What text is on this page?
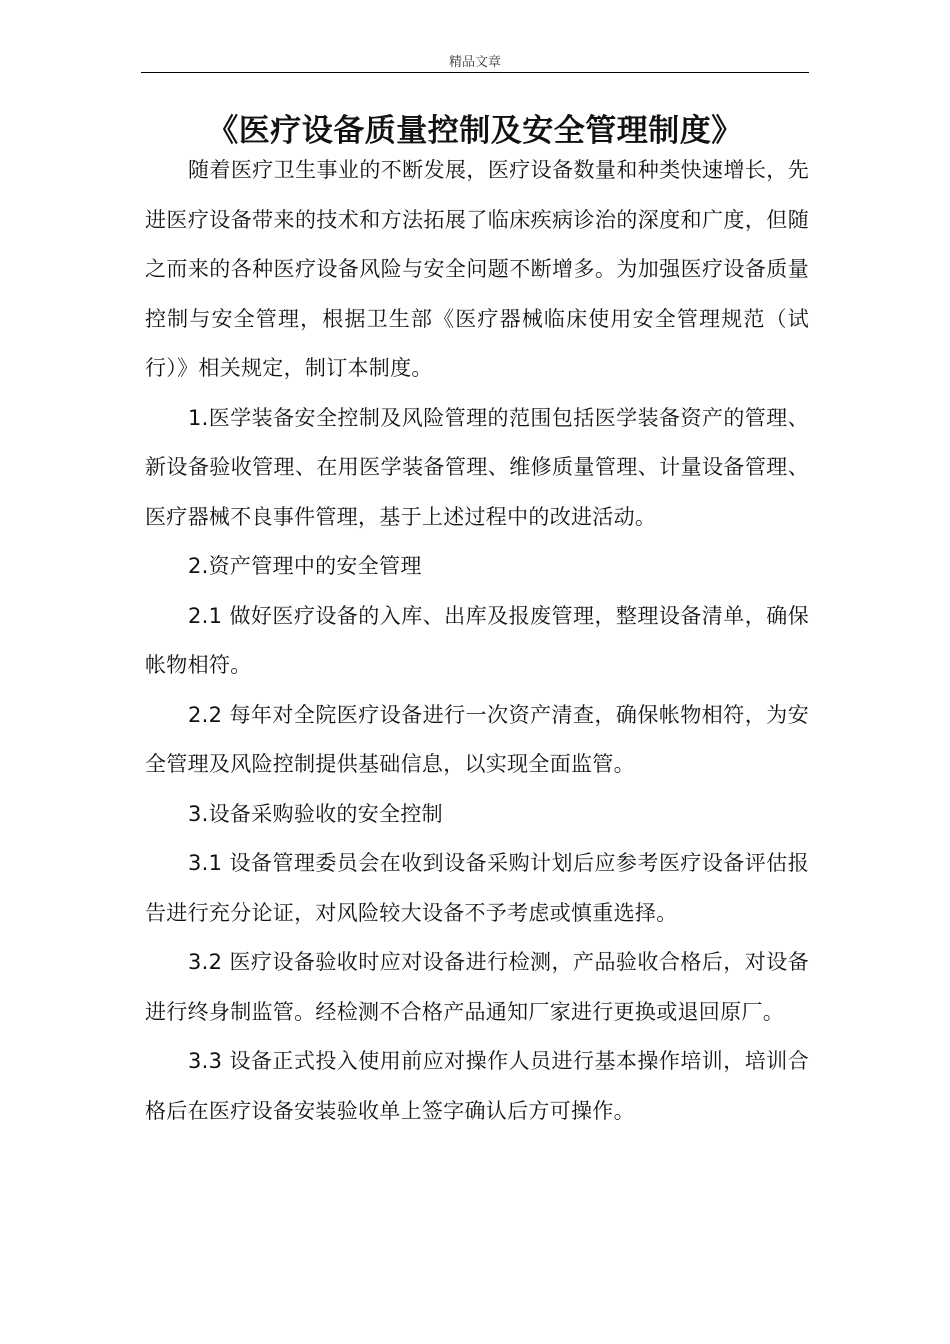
精品文章
《医疗设备质量控制及安全管理制度》

随着医疗卫生事业的不断发展，医疗设备数量和种类快速增长，先进医疗设备带来的技术和方法拓展了临床疾病诊治的深度和广度，但随之而来的各种医疗设备风险与安全问题不断增多。为加强医疗设备质量控制与安全管理，根据卫生部《医疗器械临床使用安全管理规范（试行）》相关规定，制订本制度。

1.医学装备安全控制及风险管理的范围包括医学装备资产的管理、新设备验收管理、在用医学装备管理、维修质量管理、计量设备管理、医疗器械不良事件管理，基于上述过程中的改进活动。

2.资产管理中的安全管理

2.1 做好医疗设备的入库、出库及报废管理，整理设备清单，确保帐物相符。

2.2 每年对全院医疗设备进行一次资产清查，确保帐物相符，为安全管理及风险控制提供基础信息，以实现全面监管。

3.设备采购验收的安全控制

3.1 设备管理委员会在收到设备采购计划后应参考医疗设备评估报告进行充分论证，对风险较大设备不予考虑或慎重选择。

3.2 医疗设备验收时应对设备进行检测，产品验收合格后，对设备进行终身制监管。经检测不合格产品通知厂家进行更换或退回原厂。

3.3 设备正式投入使用前应对操作人员进行基本操作培训，培训合格后在医疗设备安装验收单上签字确认后方可操作。
